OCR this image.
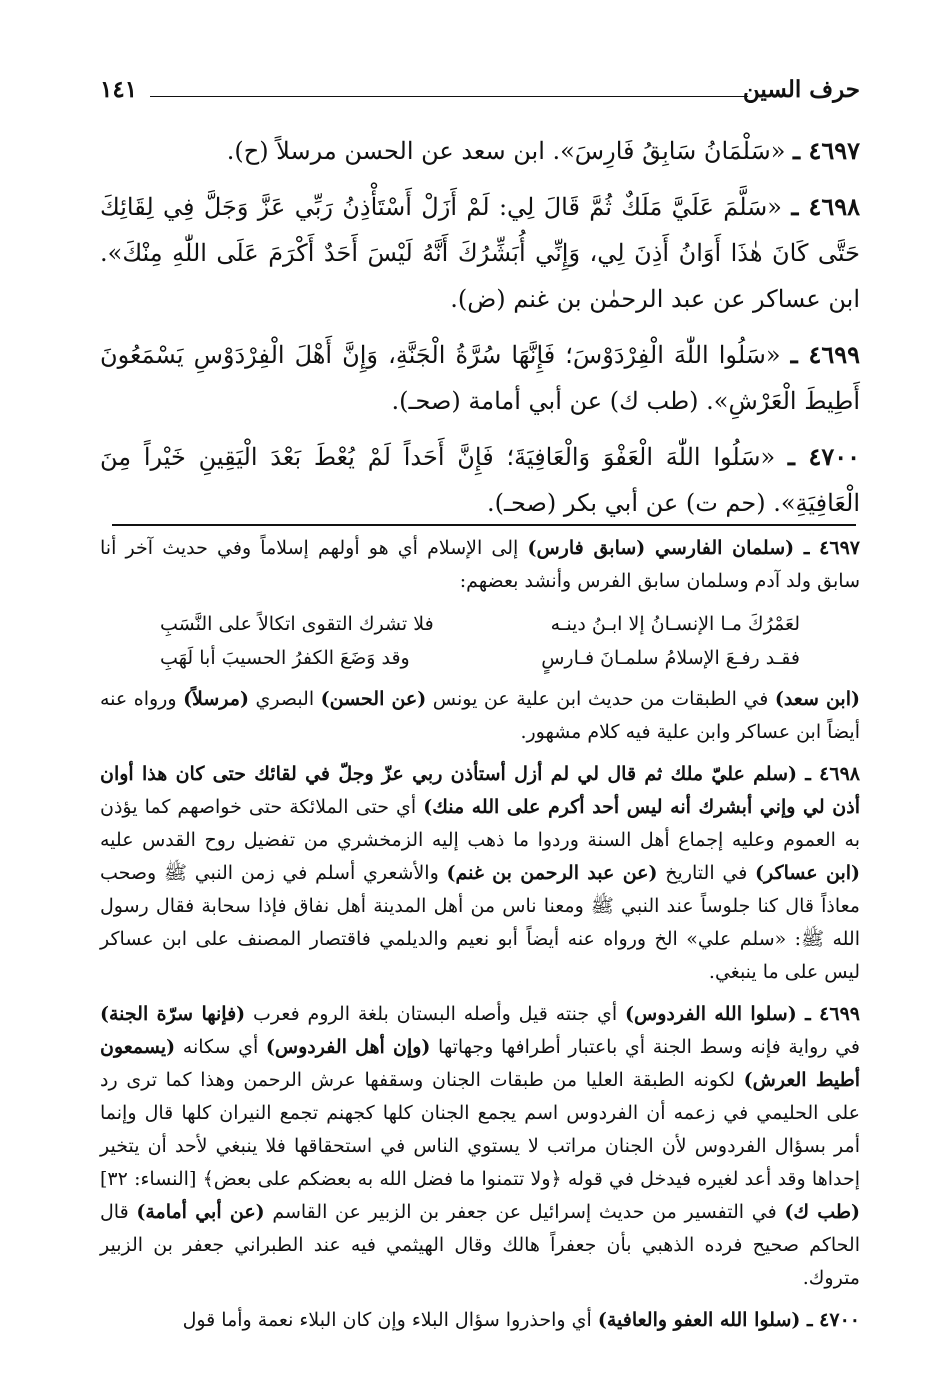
حرف السين
١٤١

٤٦٩٧ ـ «سَلْمَانُ سَابِقُ فَارِسَ». ابن سعد عن الحسن مرسلاً (ح).

٤٦٩٨ ـ «سَلَّمَ عَلَيَّ مَلَكٌ ثُمَّ قَالَ لِي: لَمْ أَزَلْ أَسْتَأْذِنُ رَبِّي عَزَّ وَجَلَّ فِي لِقَائِكَ حَتَّى كَانَ هٰذَا أَوَانُ أَذِنَ لِي، وَإِنِّي أُبَشِّرُكَ أَنَّهُ لَيْسَ أَحَدٌ أَكْرَمَ عَلَى اللّٰهِ مِنْكَ». ابن عساكر عن عبد الرحمٰن بن غنم (ض).

٤٦٩٩ ـ «سَلُوا اللّٰهَ الْفِرْدَوْسَ؛ فَإِنَّهَا سُرَّةُ الْجَنَّةِ، وَإِنَّ أَهْلَ الْفِرْدَوْسِ يَسْمَعُونَ أَطِيطَ الْعَرْشِ». (طب ك) عن أبي أمامة (صحـ).

٤٧٠٠ ـ «سَلُوا اللّٰهَ الْعَفْوَ وَالْعَافِيَةَ؛ فَإِنَّ أَحَداً لَمْ يُعْطَ بَعْدَ الْيَقِينِ خَيْراً مِنَ الْعَافِيَةِ». (حم ت) عن أبي بكر (صحـ).

٤٦٩٧ ـ (سلمان الفارسي (سابق فارس) إلى الإسلام أي هو أولهم إسلاماً وفي حديث آخر أنا سابق ولد آدم وسلمان سابق الفرس وأنشد بعضهم:

لعَمْرُكَ مـا الإنسـانُ إلا ابـنُ دينـه
فلا تشرك التقوى اتكالاً على النَّسَبِ
فقـد رفـعَ الإسلامُ سلمـانَ فـارسٍ
وقد وَضَعَ الكفرُ الحسيبَ أبا لَهَبِ

(ابن سعد) في الطبقات من حديث ابن علية عن يونس (عن الحسن) البصري (مرسلاً) ورواه عنه أيضاً ابن عساكر وابن علية فيه كلام مشهور.

٤٦٩٨ ـ (سلم عليّ ملك ثم قال لي لم أزل أستأذن ربي عزّ وجلّ في لقائك حتى كان هذا أوان أذن لي وإني أبشرك أنه ليس أحد أكرم على الله منك) أي حتى الملائكة حتى خواصهم كما يؤذن به العموم وعليه إجماع أهل السنة وردوا ما ذهب إليه الزمخشري من تفضيل روح القدس عليه (ابن عساكر) في التاريخ (عن عبد الرحمن بن غنم) والأشعري أسلم في زمن النبي ﷺ وصحب معاذاً قال كنا جلوساً عند النبي ﷺ ومعنا ناس من أهل المدينة أهل نفاق فإذا سحابة فقال رسول الله ﷺ: «سلم علي» الخ ورواه عنه أيضاً أبو نعيم والديلمي فاقتصار المصنف على ابن عساكر ليس على ما ينبغي.

٤٦٩٩ ـ (سلوا الله الفردوس) أي جنته قيل وأصله البستان بلغة الروم فعرب (فإنها سرّة الجنة) في رواية فإنه وسط الجنة أي باعتبار أطرافها وجهاتها (وإن أهل الفردوس) أي سكانه (يسمعون أطيط العرش) لكونه الطبقة العليا من طبقات الجنان وسقفها عرش الرحمن وهذا كما ترى رد على الحليمي في زعمه أن الفردوس اسم يجمع الجنان كلها كجهنم تجمع النيران كلها قال وإنما أمر بسؤال الفردوس لأن الجنان مراتب لا يستوي الناس في استحقاقها فلا ينبغي لأحد أن يتخير إحداها وقد أعد لغيره فيدخل في قوله ﴿ولا تتمنوا ما فضل الله به بعضكم على بعض﴾ [النساء: ٣٢] (طب ك) في التفسير من حديث إسرائيل عن جعفر بن الزبير عن القاسم (عن أبي أمامة) قال الحاكم صحيح فرده الذهبي بأن جعفراً هالك وقال الهيثمي فيه عند الطبراني جعفر بن الزبير متروك.

٤٧٠٠ ـ (سلوا الله العفو والعافية) أي واحذروا سؤال البلاء وإن كان البلاء نعمة وأما قول
